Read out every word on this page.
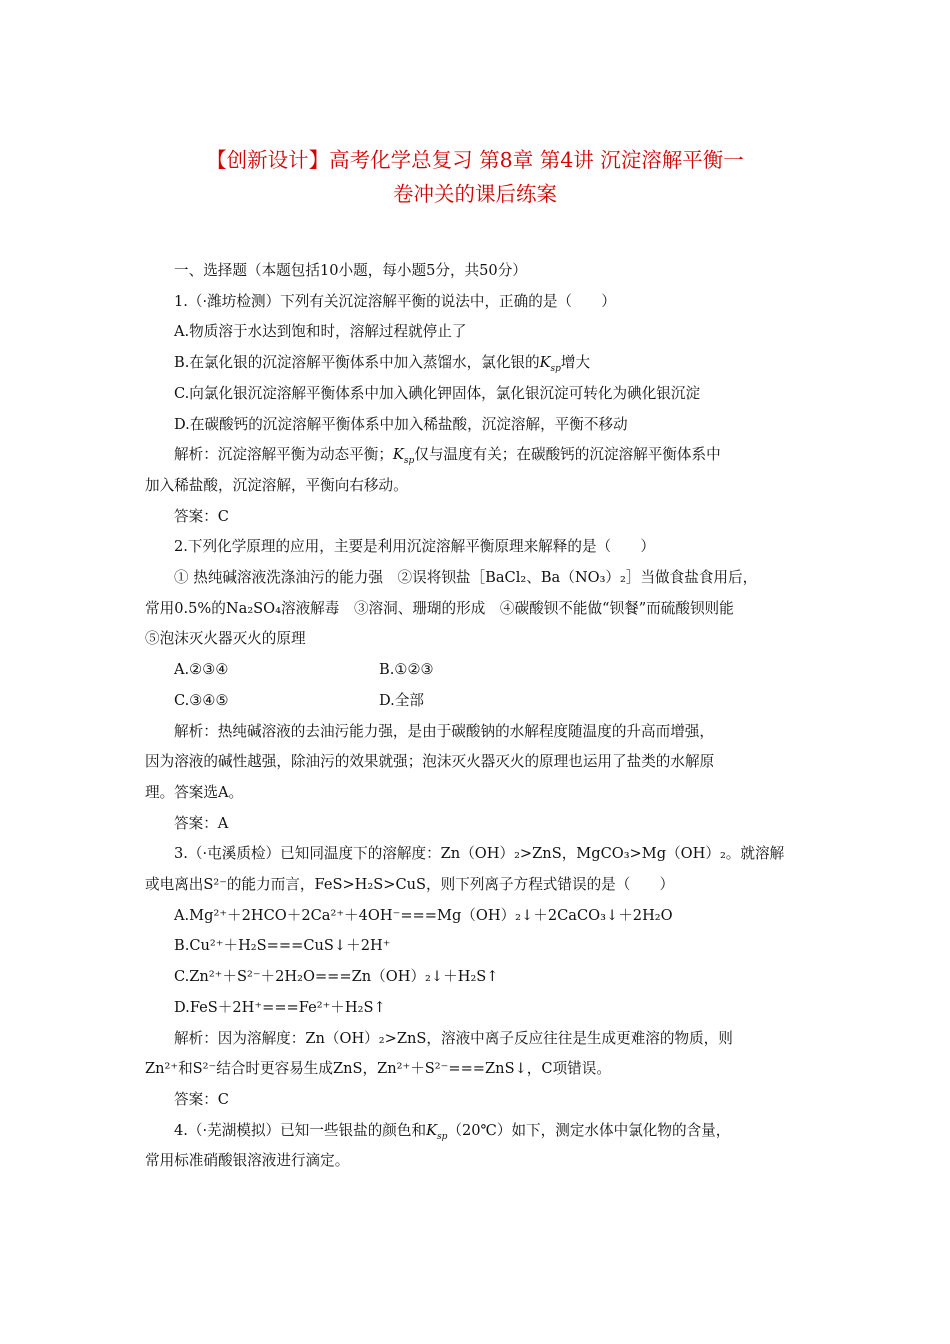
【创新设计】高考化学总复习 第8章 第4讲 沉淀溶解平衡一
卷冲关的课后练案

一、选择题（本题包括10小题，每小题5分，共50分）

1.（·潍坊检测）下列有关沉淀溶解平衡的说法中，正确的是（　　）

A.物质溶于水达到饱和时，溶解过程就停止了

B.在氯化银的沉淀溶解平衡体系中加入蒸馏水，氯化银的$K_{sp}$增大

C.向氯化银沉淀溶解平衡体系中加入碘化钾固体，氯化银沉淀可转化为碘化银沉淀

D.在碳酸钙的沉淀溶解平衡体系中加入稀盐酸，沉淀溶解，平衡不移动

解析：沉淀溶解平衡为动态平衡；$K_{sp}$仅与温度有关；在碳酸钙的沉淀溶解平衡体系中

加入稀盐酸，沉淀溶解，平衡向右移动。

答案：C

2.下列化学原理的应用，主要是利用沉淀溶解平衡原理来解释的是（　　）

① 热纯碱溶液洗涤油污的能力强　②误将钡盐［BaCl₂、Ba（NO₃）₂］当做食盐食用后，

常用0.5%的Na₂SO₄溶液解毒　③溶洞、珊瑚的形成　④碳酸钡不能做“钡餐”而硫酸钡则能

⑤泡沫灭火器灭火的原理

A.②③④	B.①②③
C.③④⑤	D.全部

解析：热纯碱溶液的去油污能力强，是由于碳酸钠的水解程度随温度的升高而增强，

因为溶液的碱性越强，除油污的效果就强；泡沫灭火器灭火的原理也运用了盐类的水解原

理。答案选A。

答案：A

3.（·屯溪质检）已知同温度下的溶解度：Zn（OH）₂>ZnS，MgCO₃>Mg（OH）₂。就溶解

或电离出S²⁻的能力而言，FeS>H₂S>CuS，则下列离子方程式错误的是（　　）

A.Mg²⁺＋2HCO＋2Ca²⁺＋4OH⁻===Mg（OH）₂↓＋2CaCO₃↓＋2H₂O

B.Cu²⁺＋H₂S===CuS↓＋2H⁺

C.Zn²⁺＋S²⁻＋2H₂O===Zn（OH）₂↓＋H₂S↑

D.FeS＋2H⁺===Fe²⁺＋H₂S↑

解析：因为溶解度：Zn（OH）₂>ZnS，溶液中离子反应往往是生成更难溶的物质，则

Zn²⁺和S²⁻结合时更容易生成ZnS，Zn²⁺＋S²⁻===ZnS↓，C项错误。

答案：C

4.（·芜湖模拟）已知一些银盐的颜色和$K_{sp}(20℃)$如下，测定水体中氯化物的含量，

常用标准硝酸银溶液进行滴定。
